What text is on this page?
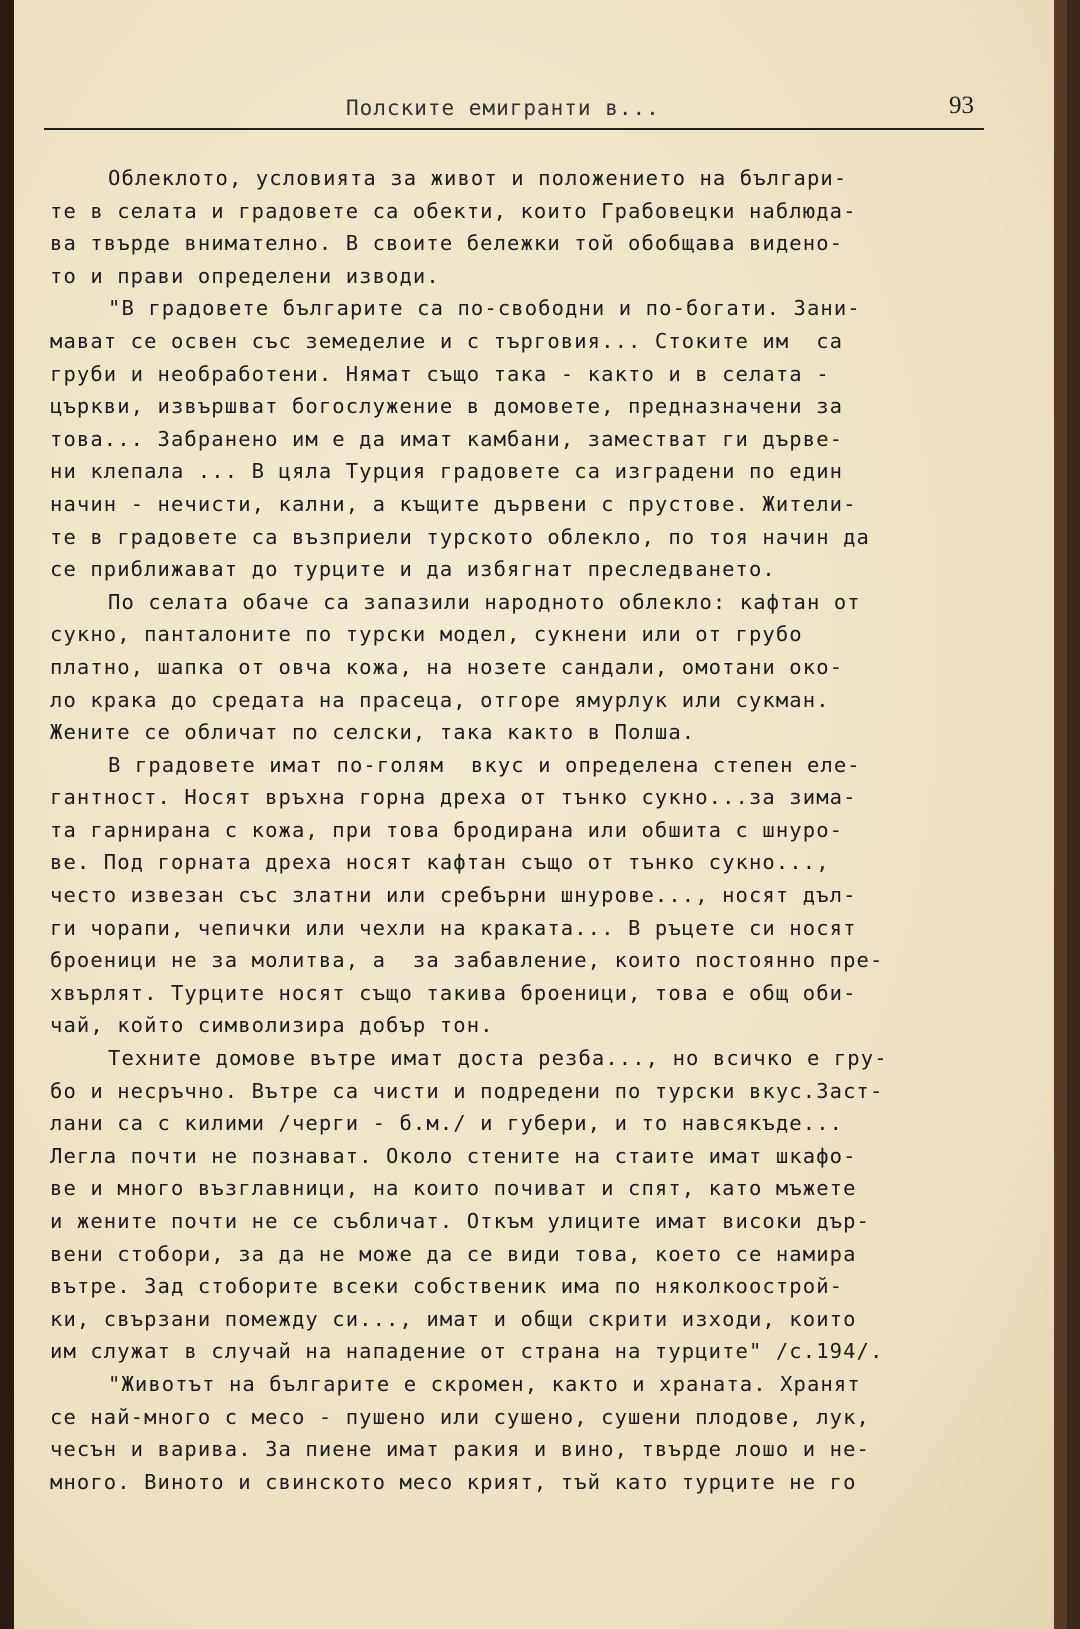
Полските емигранти в...	93
Облеклото, условията за живот и положението на българи-
те в селата и градовете са обекти, които Грабовецки наблюда-
ва твърде внимателно. В своите бележки той обобщава видено-
то и прави определени изводи.
"В градовете българите са по-свободни и по-богати. Зани-
мават се освен със земеделие и с търговия... Стоките им  са
груби и необработени. Нямат също така - както и в селата -
църкви, извършват богослужение в домовете, предназначени за
това... Забранено им е да имат камбани, заместват ги дърве-
ни клепала ... В цяла Турция градовете са изградени по един
начин - нечисти, кални, а къщите дървени с прустове. Жители-
те в градовете са възприели турското облекло, по тоя начин да
се приближават до турците и да избягнат преследването.
По селата обаче са запазили народното облекло: кафтан от
сукно, панталоните по турски модел, сукнени или от грубо
платно, шапка от овча кожа, на нозете сандали, омотани око-
ло крака до средата на прасеца, отгоре ямурлук или сукман.
Жените се обличат по селски, така както в Полша.
В градовете имат по-голям  вкус и определена степен еле-
гантност. Носят връхна горна дреха от тънко сукно...за зима-
та гарнирана с кожа, при това бродирана или обшита с шнуро-
ве. Под горната дреха носят кафтан също от тънко сукно...,
често извезан със златни или сребърни шнурове..., носят дъл-
ги чорапи, чепички или чехли на краката... В ръцете си носят
броеници не за молитва, а  за забавление, които постоянно пре-
хвърлят. Турците носят също такива броеници, това е общ оби-
чай, който символизира добър тон.
Техните домове вътре имат доста резба..., но всичко е гру-
бо и несръчно. Вътре са чисти и подредени по турски вкус.Заст-
лани са с килими /черги - б.м./ и губери, и то навсякъде...
Легла почти не познават. Около стените на стаите имат шкафо-
ве и много възглавници, на които почиват и спят, като мъжете
и жените почти не се събличат. Откъм улиците имат високи дър-
вени стобори, за да не може да се види това, което се намира
вътре. Зад стоборите всеки собственик има по няколкоострой-
ки, свързани помежду си..., имат и общи скрити изходи, които
им служат в случай на нападение от страна на турците" /с.194/.
"Животът на българите е скромен, както и храната. Хранят
се най-много с месо - пушено или сушено, сушени плодове, лук,
чесън и варива. За пиене имат ракия и вино, твърде лошо и не-
много. Виното и свинското месо крият, тъй като турците не го
